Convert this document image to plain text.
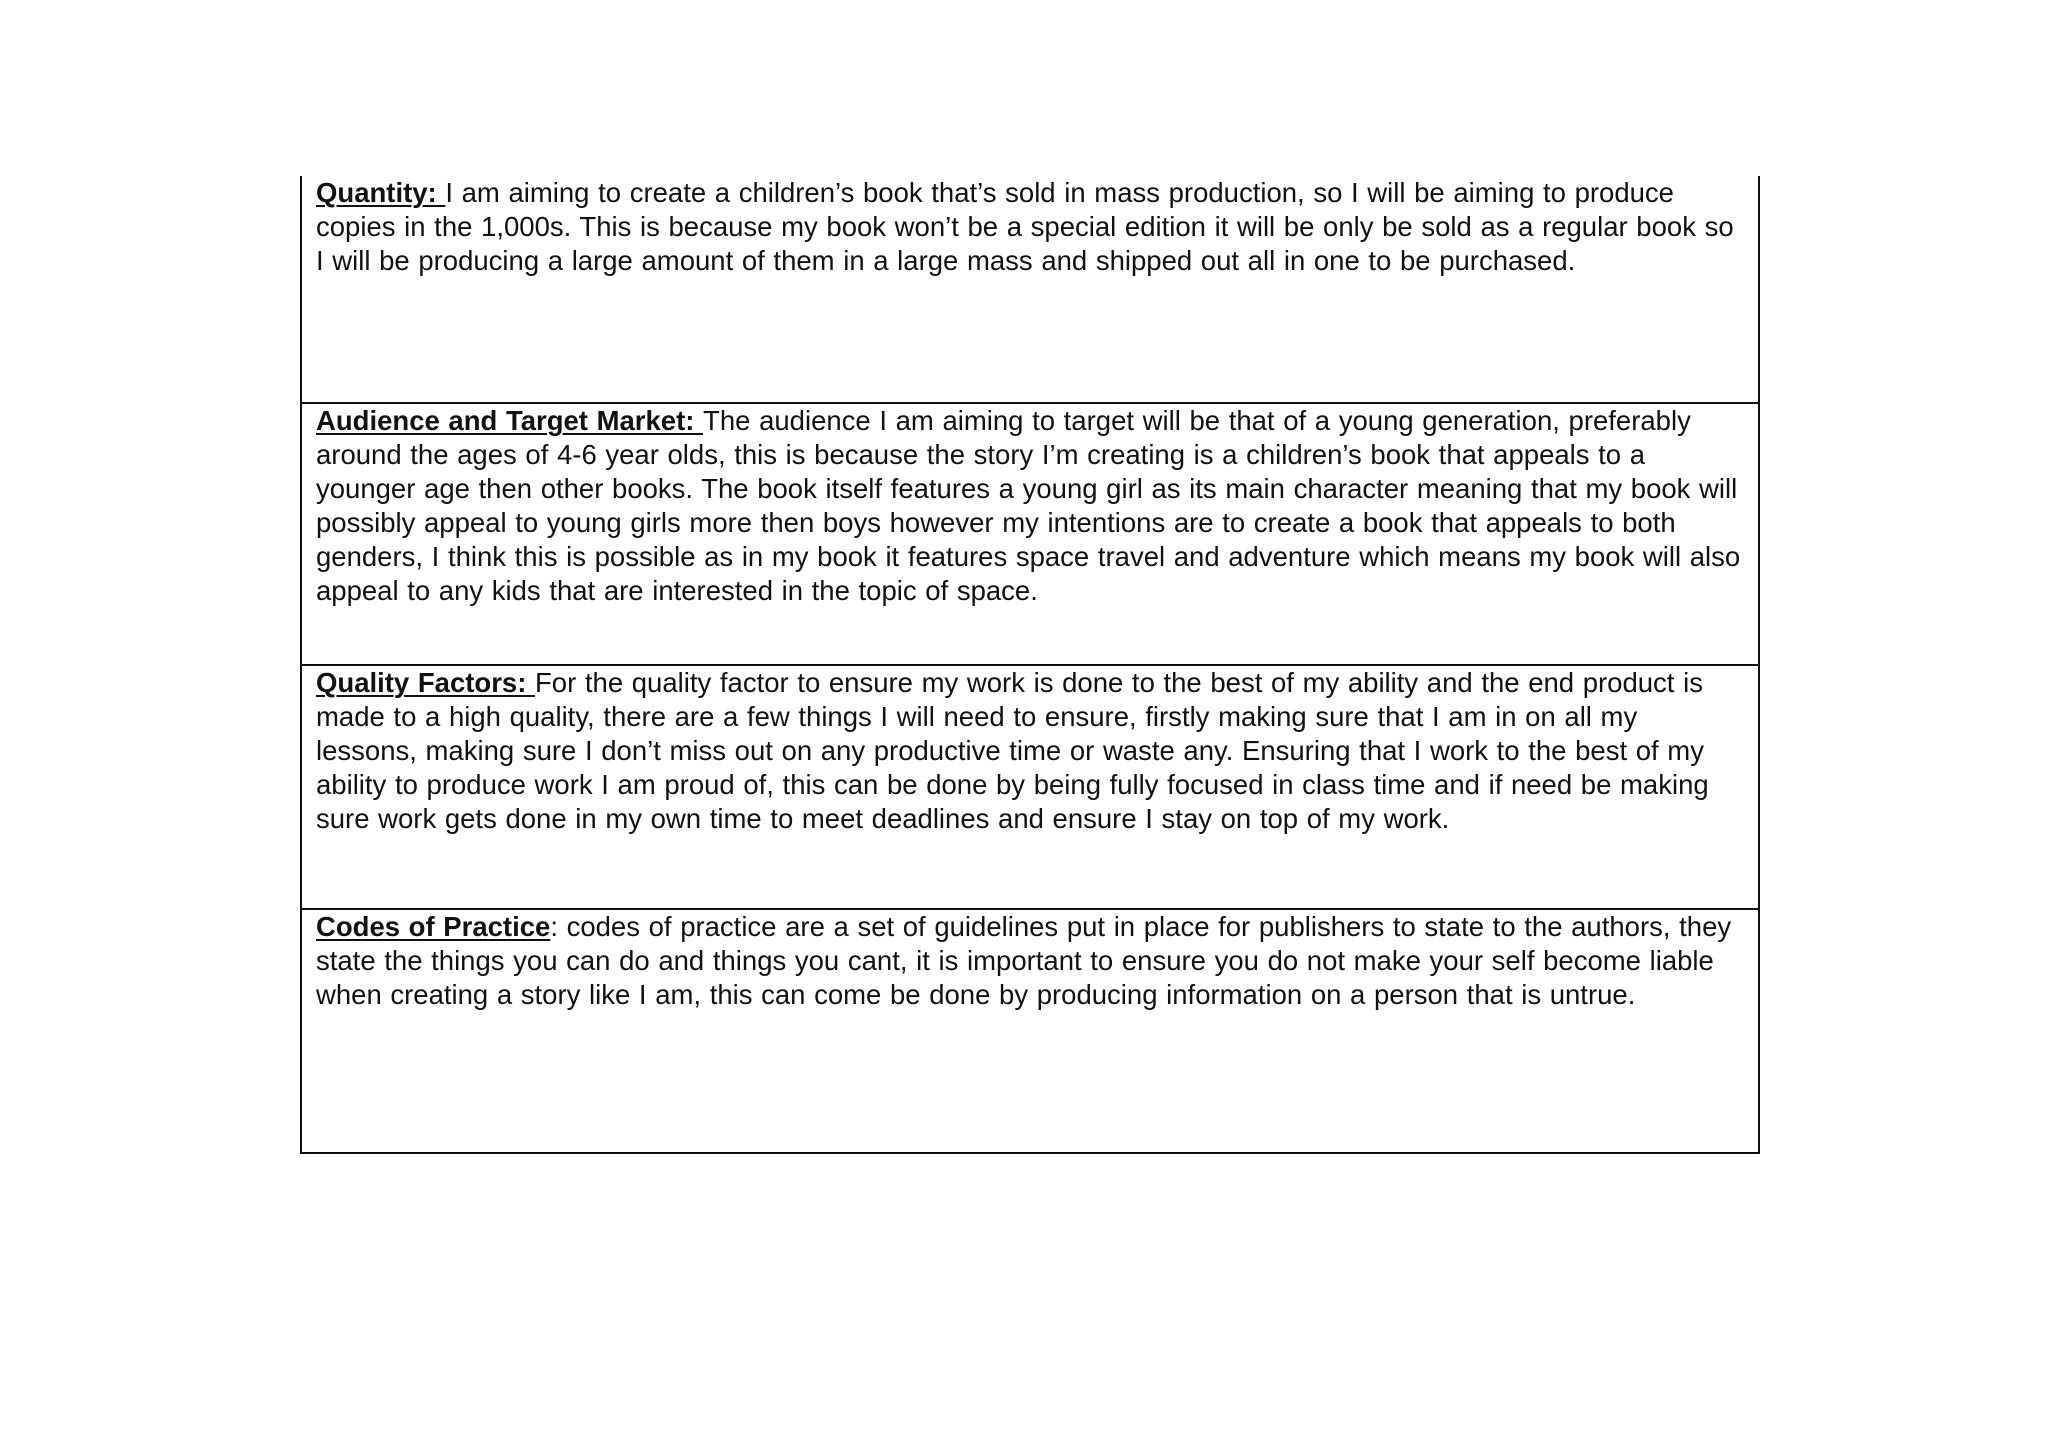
Quantity: I am aiming to create a children’s book that’s sold in mass production, so I will be aiming to produce copies in the 1,000s. This is because my book won’t be a special edition it will be only be sold as a regular book so I will be producing a large amount of them in a large mass and shipped out all in one to be purchased.
Audience and Target Market: The audience I am aiming to target will be that of a young generation, preferably around the ages of 4-6 year olds, this is because the story I’m creating is a children’s book that appeals to a younger age then other books. The book itself features a young girl as its main character meaning that my book will possibly appeal to young girls more then boys however my intentions are to create a book that appeals to both genders, I think this is possible as in my book it features space travel and adventure which means my book will also appeal to any kids that are interested in the topic of space.
Quality Factors: For the quality factor to ensure my work is done to the best of my ability and the end product is made to a high quality, there are a few things I will need to ensure, firstly making sure that I am in on all my lessons, making sure I don’t miss out on any productive time or waste any. Ensuring that I work to the best of my ability to produce work I am proud of, this can be done by being fully focused in class time and if need be making sure work gets done in my own time to meet deadlines and ensure I stay on top of my work.
Codes of Practice: codes of practice are a set of guidelines put in place for publishers to state to the authors, they state the things you can do and things you cant, it is important to ensure you do not make your self become liable when creating a story like I am, this can come be done by producing information on a person that is untrue.
